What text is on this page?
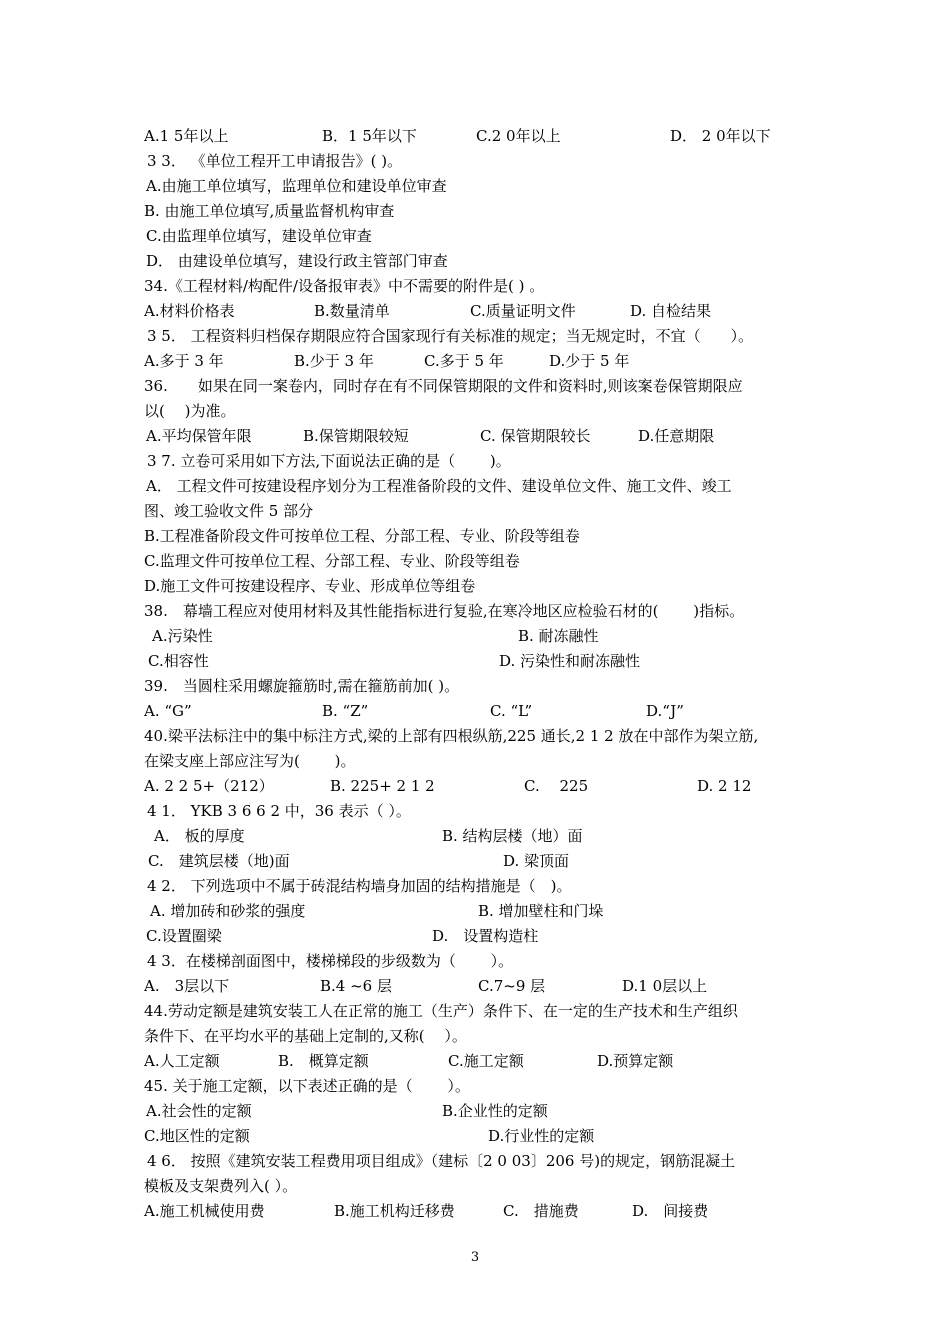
A.1 5年以上	B．1 5年以下	C.2 0年以上	D． 2 0年以下
3 3． 《单位工程开工申请报告》( )。
A.由施工单位填写，监理单位和建设单位审查
B. 由施工单位填写,质量监督机构审查
C.由监理单位填写，建设单位审查
D． 由建设单位填写，建设行政主管部门审查
34.《工程材料/构配件/设备报审表》中不需要的附件是( ) 。
A.材料价格表	B.数量清单	C.质量证明文件	D. 自检结果
3 5． 工程资料归档保存期限应符合国家现行有关标准的规定；当无规定时，不宜（　　）。
A.多于 3 年	B.少于 3 年	C.多于 5 年	D.少于 5 年
36.　　如果在同一案卷内，同时存在有不同保管期限的文件和资料时,则该案卷保管期限应
以(　 )为准。
A.平均保管年限	B.保管期限较短	C. 保管期限较长	D.任意期限
3 7. 立卷可采用如下方法,下面说法正确的是（　　 )。
A． 工程文件可按建设程序划分为工程准备阶段的文件、建设单位文件、施工文件、竣工
图、竣工验收文件 5 部分
B.工程准备阶段文件可按单位工程、分部工程、专业、阶段等组卷
C.监理文件可按单位工程、分部工程、专业、阶段等组卷
D.施工文件可按建设程序、专业、形成单位等组卷
38.　幕墙工程应对使用材料及其性能指标进行复验,在寒冷地区应检验石材的(　　 )指标。
A.污染性	B. 耐冻融性
C.相容性	D. 污染性和耐冻融性
39.　当圆柱采用螺旋箍筋时,需在箍筋前加( )。
A. “G”	B. “Z”	C. “L”	D.“J”
40.梁平法标注中的集中标注方式,梁的上部有四根纵筋,225 通长,2 1 2 放在中部作为架立筋,
在梁支座上部应注写为(　　 )。
A. 2 2 5+（212）	B. 225+ 2 1 2	C.　 225	D. 2 12
4 1． YKB 3 6 6 2 中，36 表示（ ）。
A． 板的厚度	B. 结构层楼（地）面
C.　建筑层楼（地)面	D. 梁顶面
4 2． 下列选项中不属于砖混结构墙身加固的结构措施是（　)。
A. 增加砖和砂浆的强度	B. 增加壁柱和门垛
C.设置圈梁	D.　设置构造柱
4 3．在楼梯剖面图中，楼梯梯段的步级数为（　　 ）。
A.　3层以下	B.4 ~6 层	C.7~9 层	D.1 0层以上
44.劳动定额是建筑安装工人在正常的施工（生产）条件下、在一定的生产技术和生产组织
条件下、在平均水平的基础上定制的,又称(　 ）。
A.人工定额	B.　概算定额	C.施工定额	D.预算定额
45. 关于施工定额，以下表述正确的是（　　 ）。
A.社会性的定额	B.企业性的定额
C.地区性的定额	D.行业性的定额
4 6． 按照《建筑安装工程费用项目组成》（建标〔2 0 03〕206 号)的规定，钢筋混凝土
模板及支架费列入( ）。
A.施工机械使用费	B.施工机构迁移费	C.　措施费	D.　间接费
3
